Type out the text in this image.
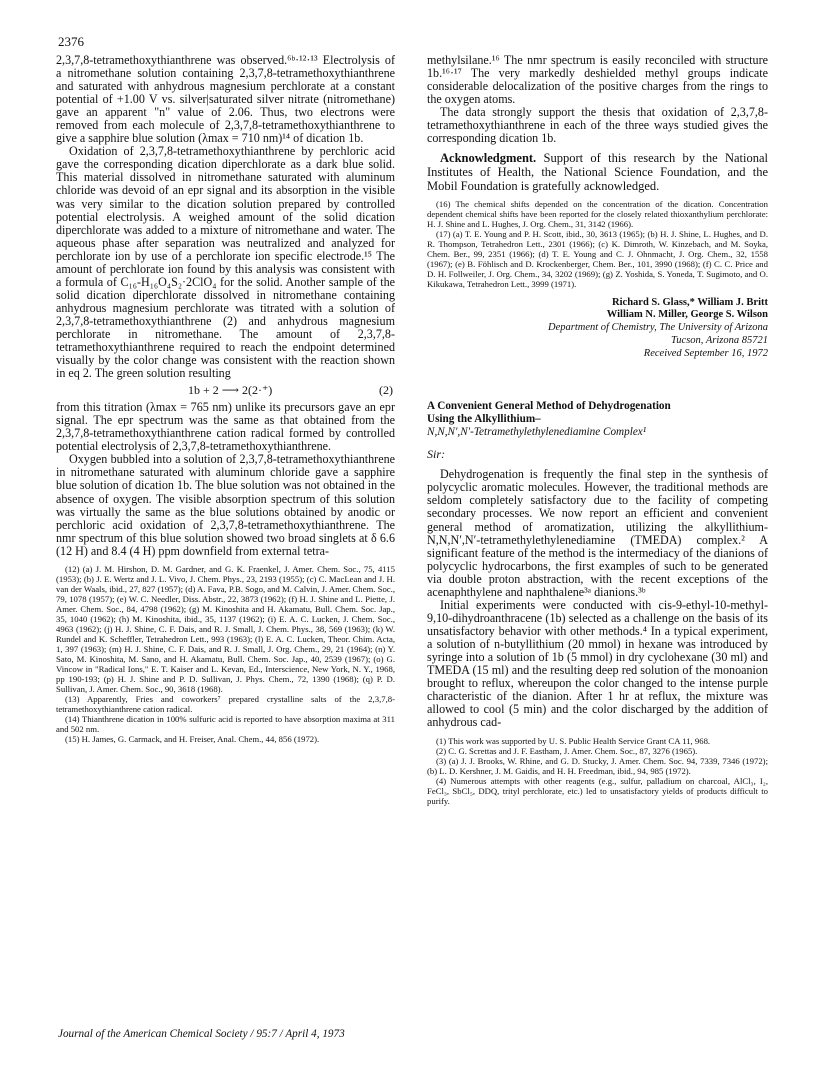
2376

2,3,7,8-tetramethoxythianthrene was observed.⁶ᵇ·¹²·¹³ Electrolysis of a nitromethane solution containing 2,3,7,8-tetramethoxythianthrene and saturated with anhydrous magnesium perchlorate at a constant potential of +1.00 V vs. silver|saturated silver nitrate (nitromethane) gave an apparent "n" value of 2.06. Thus, two electrons were removed from each molecule of 2,3,7,8-tetramethoxythianthrene to give a sapphire blue solution (λmax = 710 nm)¹⁴ of dication 1b.

Oxidation of 2,3,7,8-tetramethoxythianthrene by perchloric acid gave the corresponding dication diperchlorate as a dark blue solid. This material dissolved in nitromethane saturated with aluminum chloride was devoid of an epr signal and its absorption in the visible was very similar to the dication solution prepared by controlled potential electrolysis. A weighed amount of the solid dication diperchlorate was added to a mixture of nitromethane and water. The aqueous phase after separation was neutralized and analyzed for perchlorate ion by use of a perchlorate ion specific electrode.¹⁵ The amount of perchlorate ion found by this analysis was consistent with a formula of C₁₆-H₁₆O₄S₂·2ClO₄ for the solid. Another sample of the solid dication diperchlorate dissolved in nitromethane containing anhydrous magnesium perchlorate was titrated with a solution of 2,3,7,8-tetramethoxythianthrene (2) and anhydrous magnesium perchlorate in nitromethane. The amount of 2,3,7,8-tetramethoxythianthrene required to reach the endpoint determined visually by the color change was consistent with the reaction shown in eq 2. The green solution resulting

1b + 2 ⟶ 2(2·⁺)	(2)

from this titration (λmax = 765 nm) unlike its precursors gave an epr signal. The epr spectrum was the same as that obtained from the 2,3,7,8-tetramethoxythianthrene cation radical formed by controlled potential electrolysis of 2,3,7,8-tetramethoxythianthrene.

Oxygen bubbled into a solution of 2,3,7,8-tetramethoxythianthrene in nitromethane saturated with aluminum chloride gave a sapphire blue solution of dication 1b. The blue solution was not obtained in the absence of oxygen. The visible absorption spectrum of this solution was virtually the same as the blue solutions obtained by anodic or perchloric acid oxidation of 2,3,7,8-tetramethoxythianthrene. The nmr spectrum of this blue solution showed two broad singlets at δ 6.6 (12 H) and 8.4 (4 H) ppm downfield from external tetra-

(12) (a) J. M. Hirshon, D. M. Gardner, and G. K. Fraenkel, J. Amer. Chem. Soc., 75, 4115 (1953); (b) J. E. Wertz and J. L. Vivo, J. Chem. Phys., 23, 2193 (1955); (c) C. MacLean and J. H. van der Waals, ibid., 27, 827 (1957); (d) A. Fava, P.B. Sogo, and M. Calvin, J. Amer. Chem. Soc., 79, 1078 (1957); (e) W. C. Needler, Diss. Abstr., 22, 3873 (1962); (f) H. J. Shine and L. Piette, J. Amer. Chem. Soc., 84, 4798 (1962); (g) M. Kinoshita and H. Akamatu, Bull. Chem. Soc. Jap., 35, 1040 (1962); (h) M. Kinoshita, ibid., 35, 1137 (1962); (i) E. A. C. Lucken, J. Chem. Soc., 4963 (1962); (j) H. J. Shine, C. F. Dais, and R. J. Small, J. Chem. Phys., 38, 569 (1963); (k) W. Rundel and K. Scheffler, Tetrahedron Lett., 993 (1963); (l) E. A. C. Lucken, Theor. Chim. Acta, 1, 397 (1963); (m) H. J. Shine, C. F. Dais, and R. J. Small, J. Org. Chem., 29, 21 (1964); (n) Y. Sato, M. Kinoshita, M. Sano, and H. Akamatu, Bull. Chem. Soc. Jap., 40, 2539 (1967); (o) G. Vincow in "Radical Ions," E. T. Kaiser and L. Kevan, Ed., Interscience, New York, N. Y., 1968, pp 190-193; (p) H. J. Shine and P. D. Sullivan, J. Phys. Chem., 72, 1390 (1968); (q) P. D. Sullivan, J. Amer. Chem. Soc., 90, 3618 (1968).

(13) Apparently, Fries and coworkers⁷ prepared crystalline salts of the 2,3,7,8-tetramethoxythianthrene cation radical.

(14) Thianthrene dication in 100% sulfuric acid is reported to have absorption maxima at 311 and 502 nm.

(15) H. James, G. Carmack, and H. Freiser, Anal. Chem., 44, 856 (1972).

methylsilane.¹⁶ The nmr spectrum is easily reconciled with structure 1b.¹⁶·¹⁷ The very markedly deshielded methyl groups indicate considerable delocalization of the positive charges from the rings to the oxygen atoms.

The data strongly support the thesis that oxidation of 2,3,7,8-tetramethoxythianthrene in each of the three ways studied gives the corresponding dication 1b.

Acknowledgment. Support of this research by the National Institutes of Health, the National Science Foundation, and the Mobil Foundation is gratefully acknowledged.

(16) The chemical shifts depended on the concentration of the dication. Concentration dependent chemical shifts have been reported for the closely related thioxanthylium perchlorate: H. J. Shine and L. Hughes, J. Org. Chem., 31, 3142 (1966).

(17) (a) T. E. Young and P. H. Scott, ibid., 30, 3613 (1965); (b) H. J. Shine, L. Hughes, and D. R. Thompson, Tetrahedron Lett., 2301 (1966); (c) K. Dimroth, W. Kinzebach, and M. Soyka, Chem. Ber., 99, 2351 (1966); (d) T. E. Young and C. J. Ohnmacht, J. Org. Chem., 32, 1558 (1967); (e) B. Föhlisch and D. Krockenberger, Chem. Ber., 101, 3990 (1968); (f) C. C. Price and D. H. Follweiler, J. Org. Chem., 34, 3202 (1969); (g) Z. Yoshida, S. Yoneda, T. Sugimoto, and O. Kikukawa, Tetrahedron Lett., 3999 (1971).

Richard S. Glass,* William J. Britt
William N. Miller, George S. Wilson
Department of Chemistry, The University of Arizona
Tucson, Arizona 85721
Received September 16, 1972
A Convenient General Method of Dehydrogenation
Using the Alkyllithium–
N,N,N′,N′-Tetramethylethylenediamine Complex¹
Sir:

Dehydrogenation is frequently the final step in the synthesis of polycyclic aromatic molecules. However, the traditional methods are seldom completely satisfactory due to the facility of competing secondary processes. We now report an efficient and convenient general method of aromatization, utilizing the alkyllithium-N,N,N′,N′-tetramethylethylenediamine (TMEDA) complex.² A significant feature of the method is the intermediacy of the dianions of polycyclic hydrocarbons, the first examples of such to be generated via double proton abstraction, with the recent exceptions of the acenaphthylene and naphthalene³ᵃ dianions.³ᵇ

Initial experiments were conducted with cis-9-ethyl-10-methyl-9,10-dihydroanthracene (1b) selected as a challenge on the basis of its unsatisfactory behavior with other methods.⁴ In a typical experiment, a solution of n-butyllithium (20 mmol) in hexane was introduced by syringe into a solution of 1b (5 mmol) in dry cyclohexane (30 ml) and TMEDA (15 ml) and the resulting deep red solution of the monoanion brought to reflux, whereupon the color changed to the intense purple characteristic of the dianion. After 1 hr at reflux, the mixture was allowed to cool (5 min) and the color discharged by the addition of anhydrous cad-

(1) This work was supported by U. S. Public Health Service Grant CA 11, 968.

(2) C. G. Screttas and J. F. Eastham, J. Amer. Chem. Soc., 87, 3276 (1965).

(3) (a) J. J. Brooks, W. Rhine, and G. D. Stucky, J. Amer. Chem. Soc. 94, 7339, 7346 (1972); (b) L. D. Kershner, J. M. Gaidis, and H. H. Freedman, ibid., 94, 985 (1972).

(4) Numerous attempts with other reagents (e.g., sulfur, palladium on charcoal, AlCl₃, I₂, FeCl₃, SbCl₅, DDQ, trityl perchlorate, etc.) led to unsatisfactory yields of products difficult to purify.

Journal of the American Chemical Society / 95:7 / April 4, 1973
